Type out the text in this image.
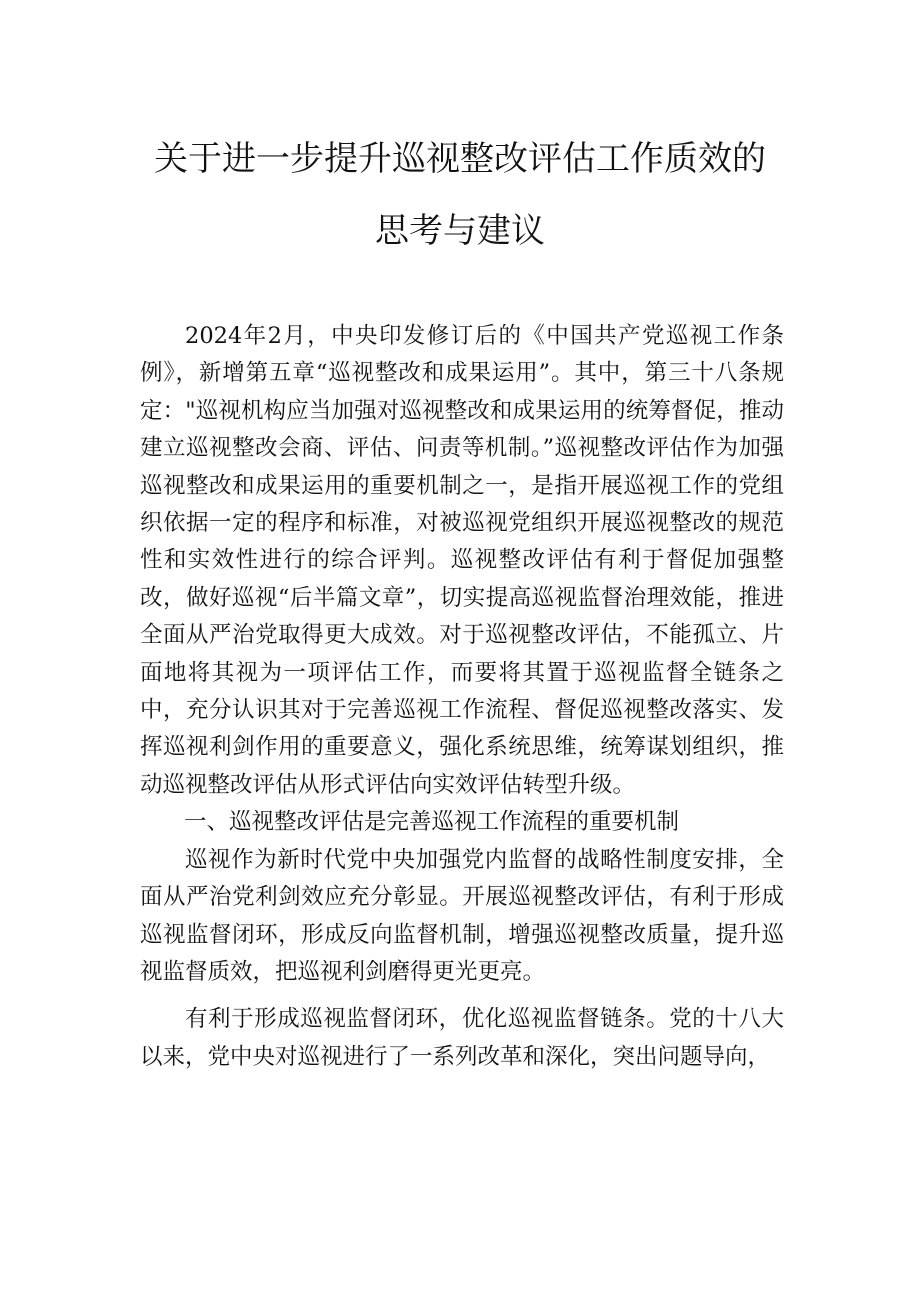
关于进一步提升巡视整改评估工作质效的
思考与建议

2024年2月，中央印发修订后的《中国共产党巡视工作条例》，新增第五章“巡视整改和成果运用”。其中，第三十八条规定："巡视机构应当加强对巡视整改和成果运用的统筹督促，推动建立巡视整改会商、评估、问责等机制。”巡视整改评估作为加强巡视整改和成果运用的重要机制之一，是指开展巡视工作的党组织依据一定的程序和标准，对被巡视党组织开展巡视整改的规范性和实效性进行的综合评判。巡视整改评估有利于督促加强整改，做好巡视“后半篇文章”，切实提高巡视监督治理效能，推进全面从严治党取得更大成效。对于巡视整改评估，不能孤立、片面地将其视为一项评估工作，而要将其置于巡视监督全链条之中，充分认识其对于完善巡视工作流程、督促巡视整改落实、发挥巡视利剑作用的重要意义，强化系统思维，统筹谋划组织，推动巡视整改评估从形式评估向实效评估转型升级。

一、巡视整改评估是完善巡视工作流程的重要机制

巡视作为新时代党中央加强党内监督的战略性制度安排，全面从严治党利剑效应充分彰显。开展巡视整改评估，有利于形成巡视监督闭环，形成反向监督机制，增强巡视整改质量，提升巡视监督质效，把巡视利剑磨得更光更亮。

有利于形成巡视监督闭环，优化巡视监督链条。党的十八大以来，党中央对巡视进行了一系列改革和深化，突出问题导向，
